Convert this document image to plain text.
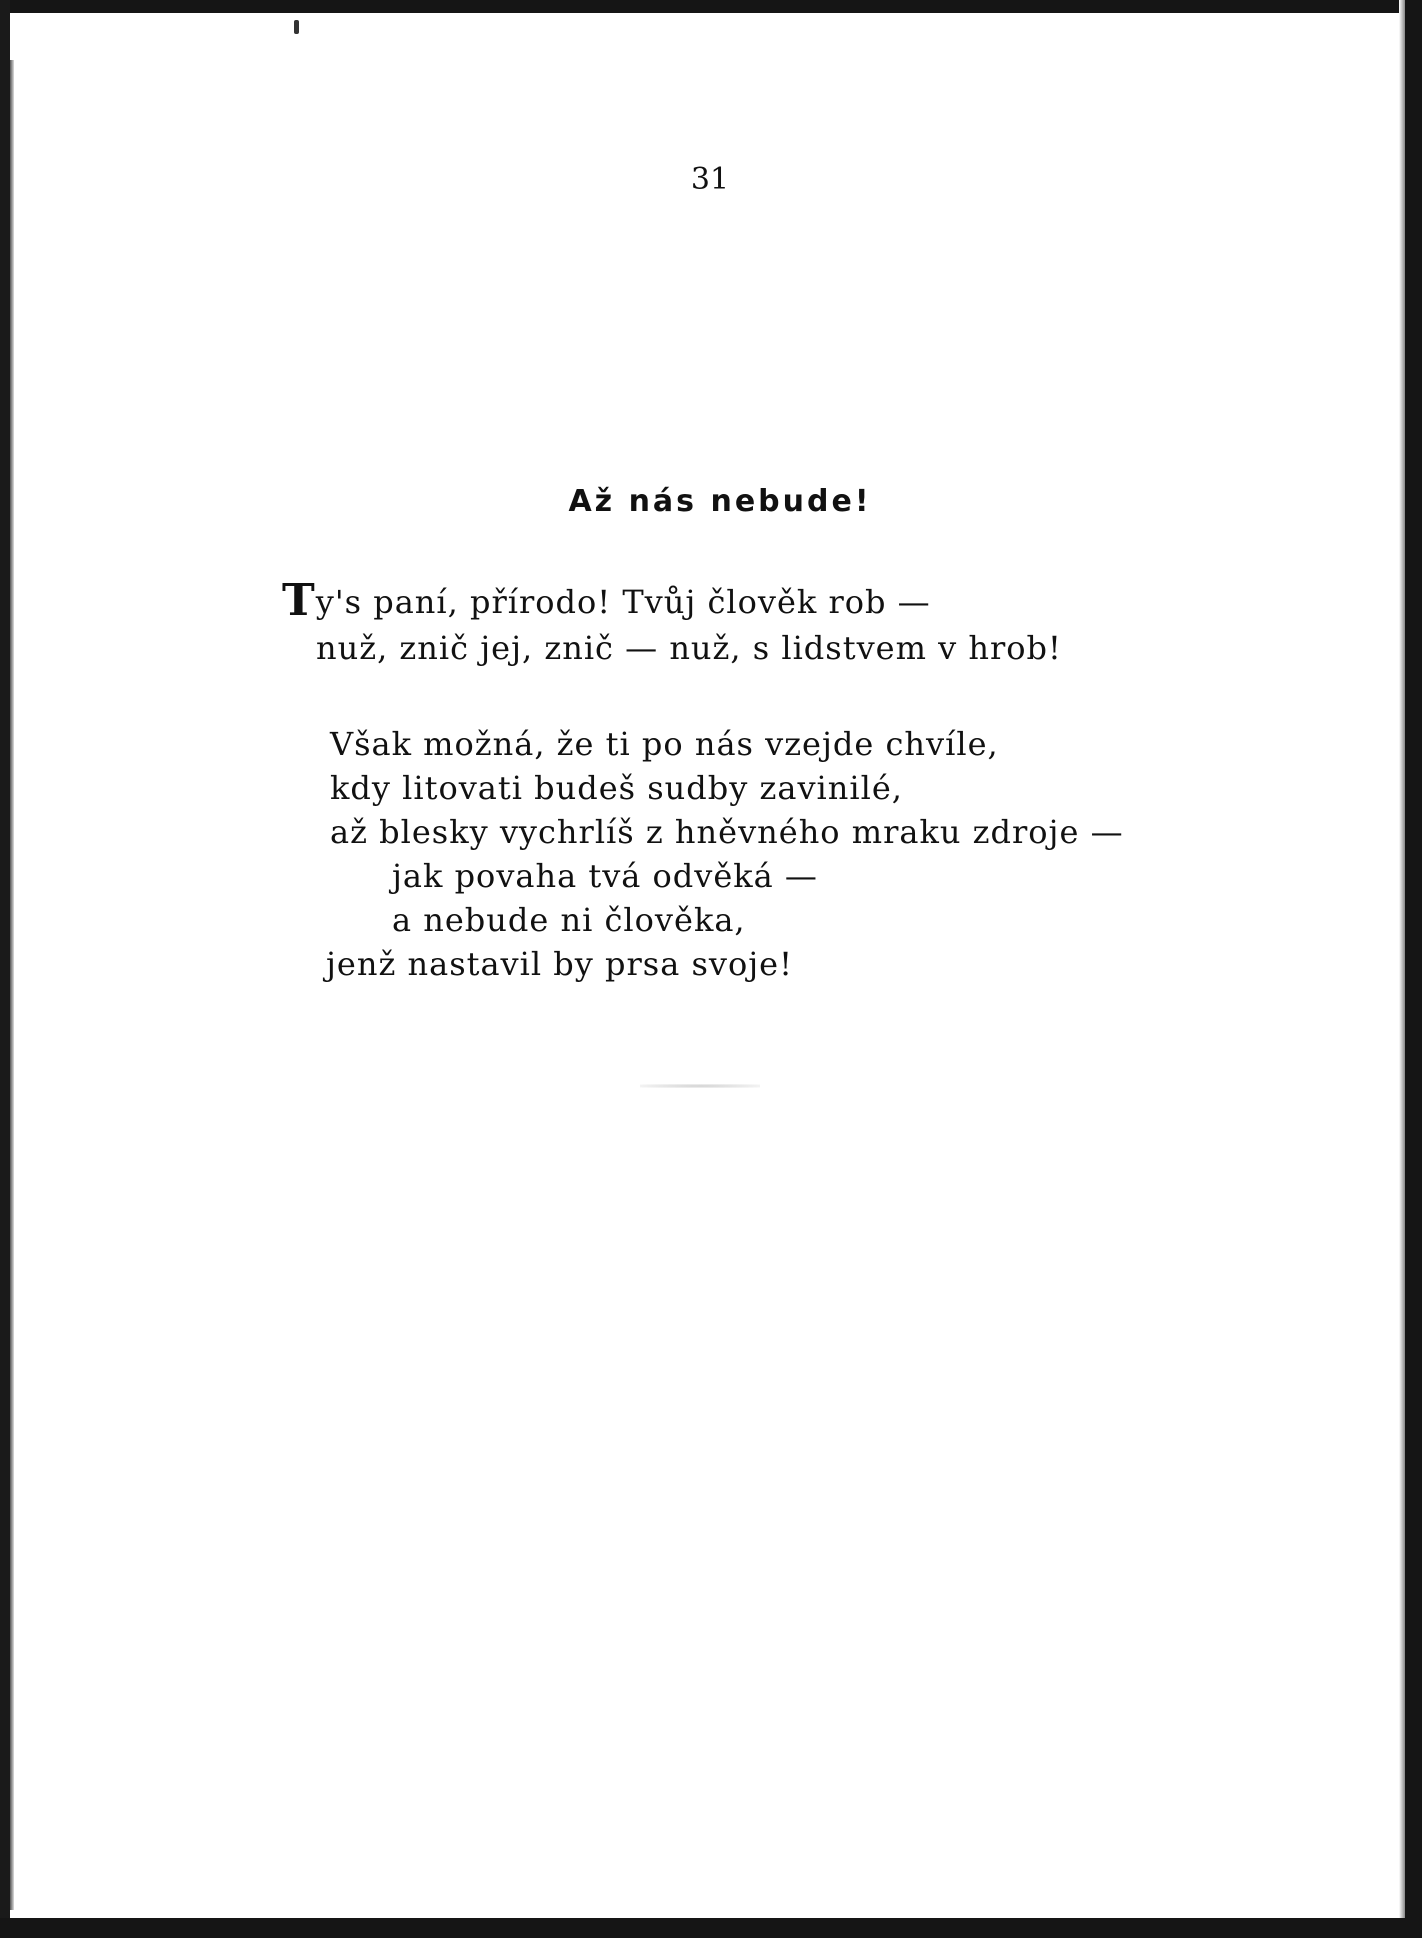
31
Až nás nebude!
Ty's paní, přírodo! Tvůj člověk rob —
nuž, znič jej, znič — nuž, s lidstvem v hrob!
Však možná, že ti po nás vzejde chvíle,
kdy litovati budeš sudby zavinilé,
až blesky vychrlíš z hněvného mraku zdroje —
jak povaha tvá odvěká —
a nebude ni člověka,
jenž nastavil by prsa svoje!
